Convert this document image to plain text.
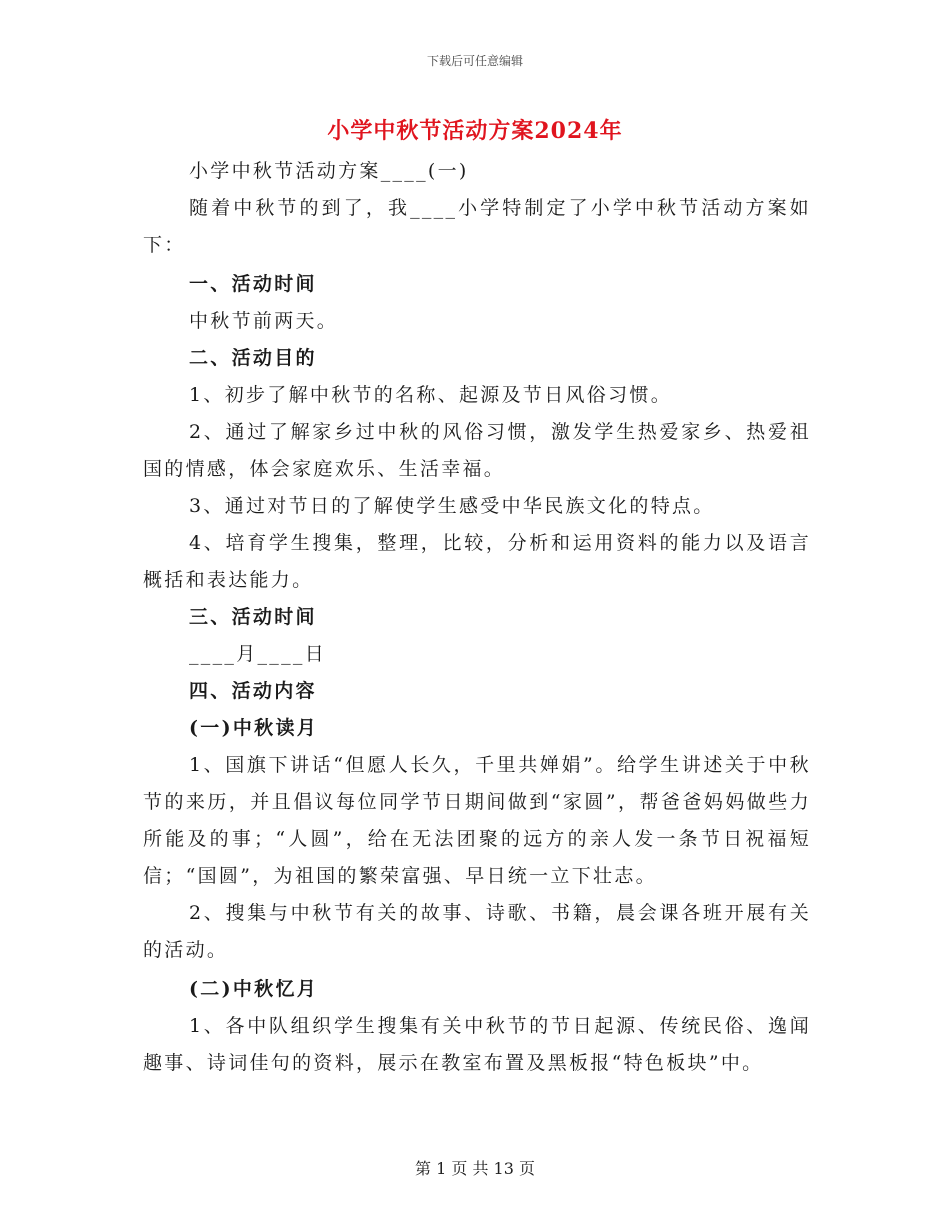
下载后可任意编辑
小学中秋节活动方案2024年

小学中秋节活动方案____(一)

随着中秋节的到了，我____小学特制定了小学中秋节活动方案如下：

一、活动时间

中秋节前两天。

二、活动目的

1、初步了解中秋节的名称、起源及节日风俗习惯。

2、通过了解家乡过中秋的风俗习惯，激发学生热爱家乡、热爱祖国的情感，体会家庭欢乐、生活幸福。

3、通过对节日的了解使学生感受中华民族文化的特点。

4、培育学生搜集，整理，比较，分析和运用资料的能力以及语言概括和表达能力。

三、活动时间

____月____日

四、活动内容

(一)中秋读月

1、国旗下讲话“但愿人长久，千里共婵娟”。给学生讲述关于中秋节的来历，并且倡议每位同学节日期间做到“家圆”，帮爸爸妈妈做些力所能及的事；“人圆”，给在无法团聚的远方的亲人发一条节日祝福短信；“国圆”，为祖国的繁荣富强、早日统一立下壮志。

2、搜集与中秋节有关的故事、诗歌、书籍，晨会课各班开展有关的活动。

(二)中秋忆月

1、各中队组织学生搜集有关中秋节的节日起源、传统民俗、逸闻趣事、诗词佳句的资料，展示在教室布置及黑板报“特色板块”中。

第 1 页 共 13 页
